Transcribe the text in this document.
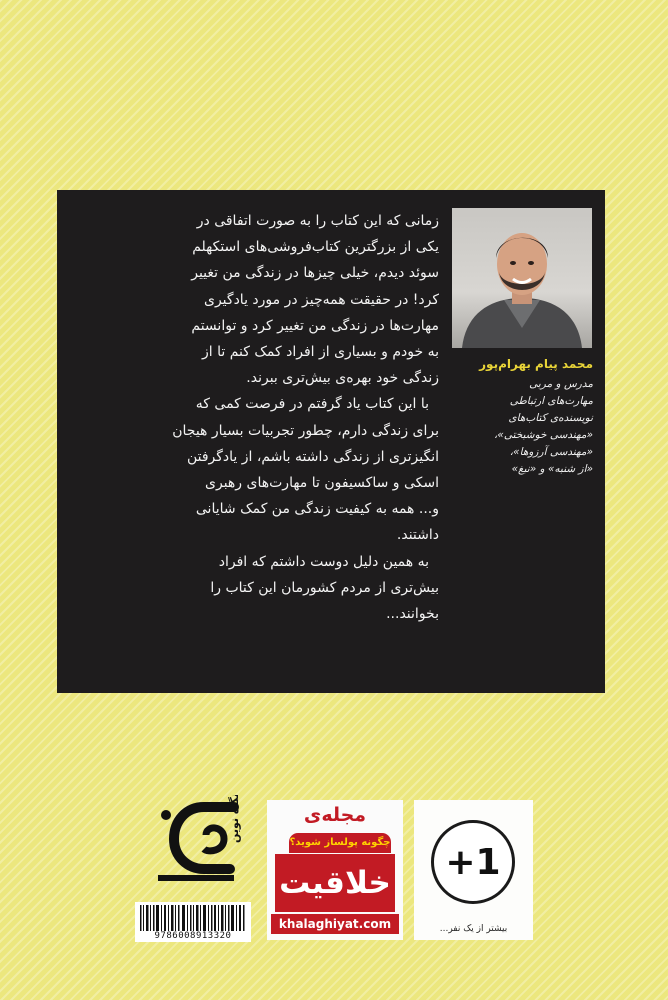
محمد پیام بهرام‌پور
مدرس و مربی
مهارت‌های ارتباطی
نویسنده‌ی کتاب‌های
«مهندسی خوشبختی»،
«مهندسی آرزوها»،
«از شنبه» و «نبغ»
زمانی که این کتاب را به صورت اتفاقی در
یکی از بزرگترین کتاب‌فروشی‌های استکهلم
سوئد دیدم، خیلی چیزها در زندگی من تغییر
کرد! در حقیقت همه‌چیز در مورد یادگیری
مهارت‌ها در زندگی من تغییر کرد و توانستم
به خودم و بسیاری از افراد کمک کنم تا از
زندگی خود بهره‌ی بیش‌تری ببرند.
با این کتاب یاد گرفتم در فرصت کمی که
برای زندگی دارم، چطور تجربیات بسیار هیجان
انگیزتری از زندگی داشته باشم، از یادگرفتن
اسکی و ساکسیفون تا مهارت‌های رهبری
و... همه به کیفیت زندگی من کمک شایانی
داشتند.
به همین دلیل دوست داشتم که افراد
بیش‌تری از مردم کشورمان این کتاب را
بخوانند...
+1
بیشتر از یک نفر...
مجله‌ی
چگونه پولساز شوید؟
خلاقیت
khalaghiyat.com
نگاه نوین
9786008913320
